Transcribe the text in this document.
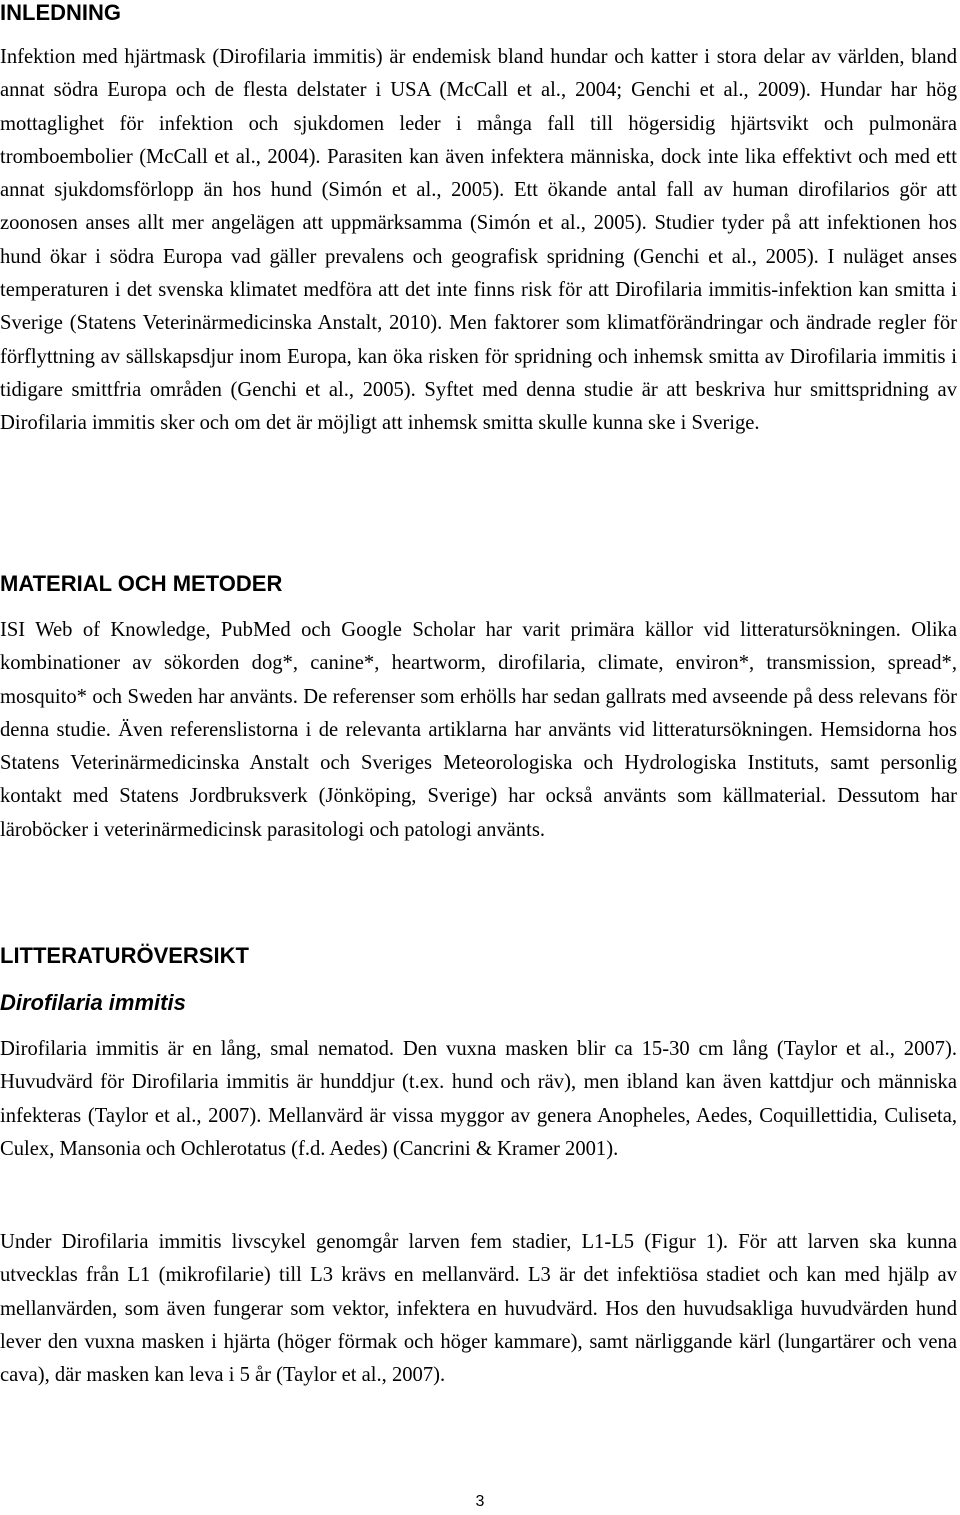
INLEDNING

Infektion med hjärtmask (Dirofilaria immitis) är endemisk bland hundar och katter i stora delar av världen, bland annat södra Europa och de flesta delstater i USA (McCall et al., 2004; Genchi et al., 2009). Hundar har hög mottaglighet för infektion och sjukdomen leder i många fall till högersidig hjärtsvikt och pulmonära tromboembolier (McCall et al., 2004). Parasiten kan även infektera människa, dock inte lika effektivt och med ett annat sjukdomsförlopp än hos hund (Simón et al., 2005). Ett ökande antal fall av human dirofilarios gör att zoonosen anses allt mer angelägen att uppmärksamma (Simón et al., 2005). Studier tyder på att infektionen hos hund ökar i södra Europa vad gäller prevalens och geografisk spridning (Genchi et al., 2005). I nuläget anses temperaturen i det svenska klimatet medföra att det inte finns risk för att Dirofilaria immitis-infektion kan smitta i Sverige (Statens Veterinärmedicinska Anstalt, 2010). Men faktorer som klimatförändringar och ändrade regler för förflyttning av sällskapsdjur inom Europa, kan öka risken för spridning och inhemsk smitta av Dirofilaria immitis i tidigare smittfria områden (Genchi et al., 2005). Syftet med denna studie är att beskriva hur smittspridning av Dirofilaria immitis sker och om det är möjligt att inhemsk smitta skulle kunna ske i Sverige.

MATERIAL OCH METODER

ISI Web of Knowledge, PubMed och Google Scholar har varit primära källor vid litteratursökningen. Olika kombinationer av sökorden dog*, canine*, heartworm, dirofilaria, climate, environ*, transmission, spread*, mosquito* och Sweden har använts. De referenser som erhölls har sedan gallrats med avseende på dess relevans för denna studie. Även referenslistorna i de relevanta artiklarna har använts vid litteratursökningen. Hemsidorna hos Statens Veterinärmedicinska Anstalt och Sveriges Meteorologiska och Hydrologiska Instituts, samt personlig kontakt med Statens Jordbruksverk (Jönköping, Sverige) har också använts som källmaterial. Dessutom har läroböcker i veterinärmedicinsk parasitologi och patologi använts.

LITTERATURÖVERSIKT
Dirofilaria immitis

Dirofilaria immitis är en lång, smal nematod. Den vuxna masken blir ca 15-30 cm lång (Taylor et al., 2007). Huvudvärd för Dirofilaria immitis är hunddjur (t.ex. hund och räv), men ibland kan även kattdjur och människa infekteras (Taylor et al., 2007). Mellanvärd är vissa myggor av genera Anopheles, Aedes, Coquillettidia, Culiseta, Culex, Mansonia och Ochlerotatus (f.d. Aedes) (Cancrini & Kramer 2001).

Under Dirofilaria immitis livscykel genomgår larven fem stadier, L1-L5 (Figur 1). För att larven ska kunna utvecklas från L1 (mikrofilarie) till L3 krävs en mellanvärd. L3 är det infektiösa stadiet och kan med hjälp av mellanvärden, som även fungerar som vektor, infektera en huvudvärd. Hos den huvudsakliga huvudvärden hund lever den vuxna masken i hjärta (höger förmak och höger kammare), samt närliggande kärl (lungartärer och vena cava), där masken kan leva i 5 år (Taylor et al., 2007).

3
